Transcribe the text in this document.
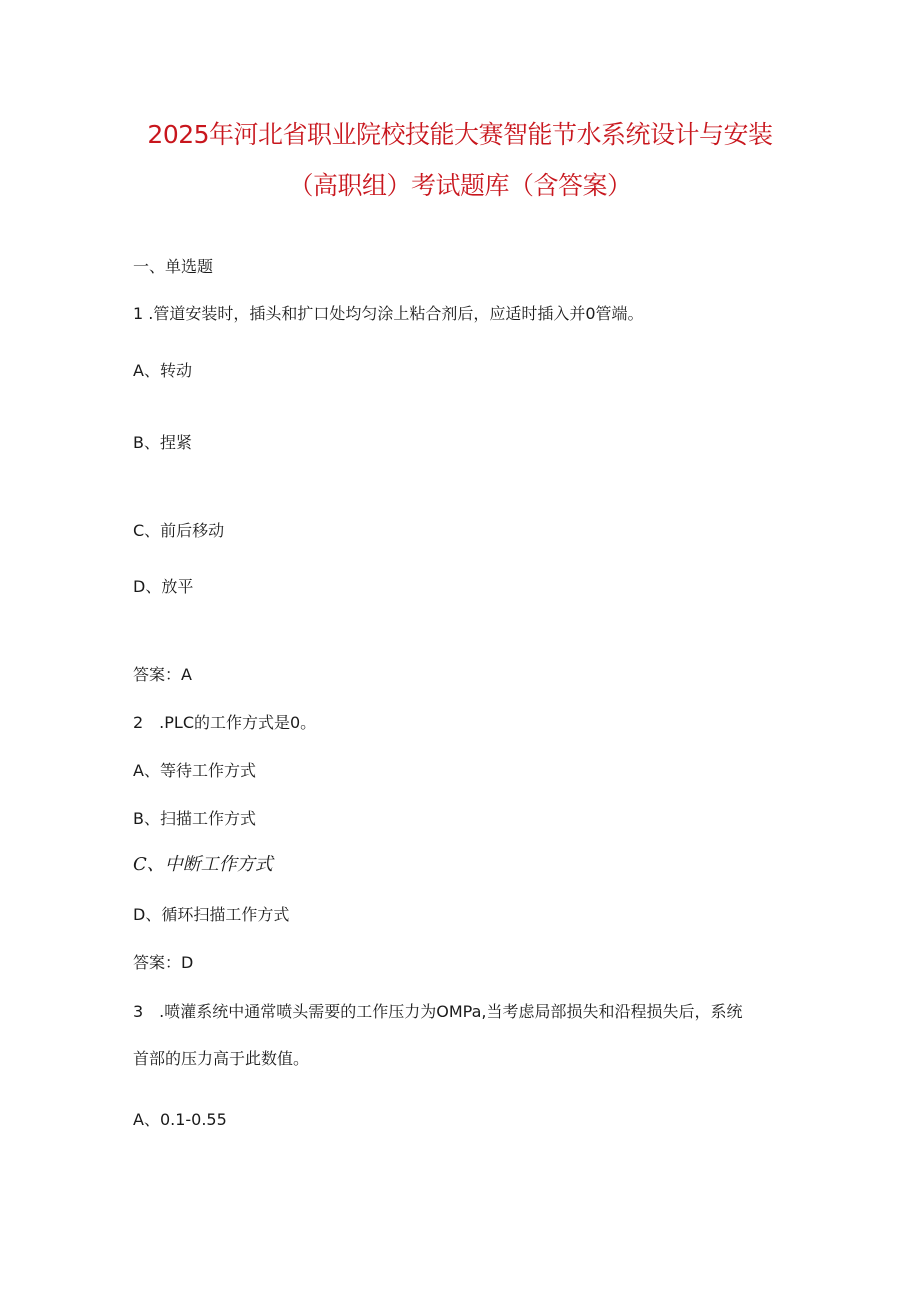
2025年河北省职业院校技能大赛智能节水系统设计与安装
（高职组）考试题库（含答案）
一、单选题
1 .管道安装时，插头和扩口处均匀涂上粘合剂后，应适时插入并0管端。
A、转动
B、捏紧
C、前后移动
D、放平
答案：A
2　.PLC的工作方式是0。
A、等待工作方式
B、扫描工作方式
C、中断工作方式
D、循环扫描工作方式
答案：D
3　.喷灌系统中通常喷头需要的工作压力为OMPa,当考虑局部损失和沿程损失后，系统
首部的压力高于此数值。
A、0.1-0.55
